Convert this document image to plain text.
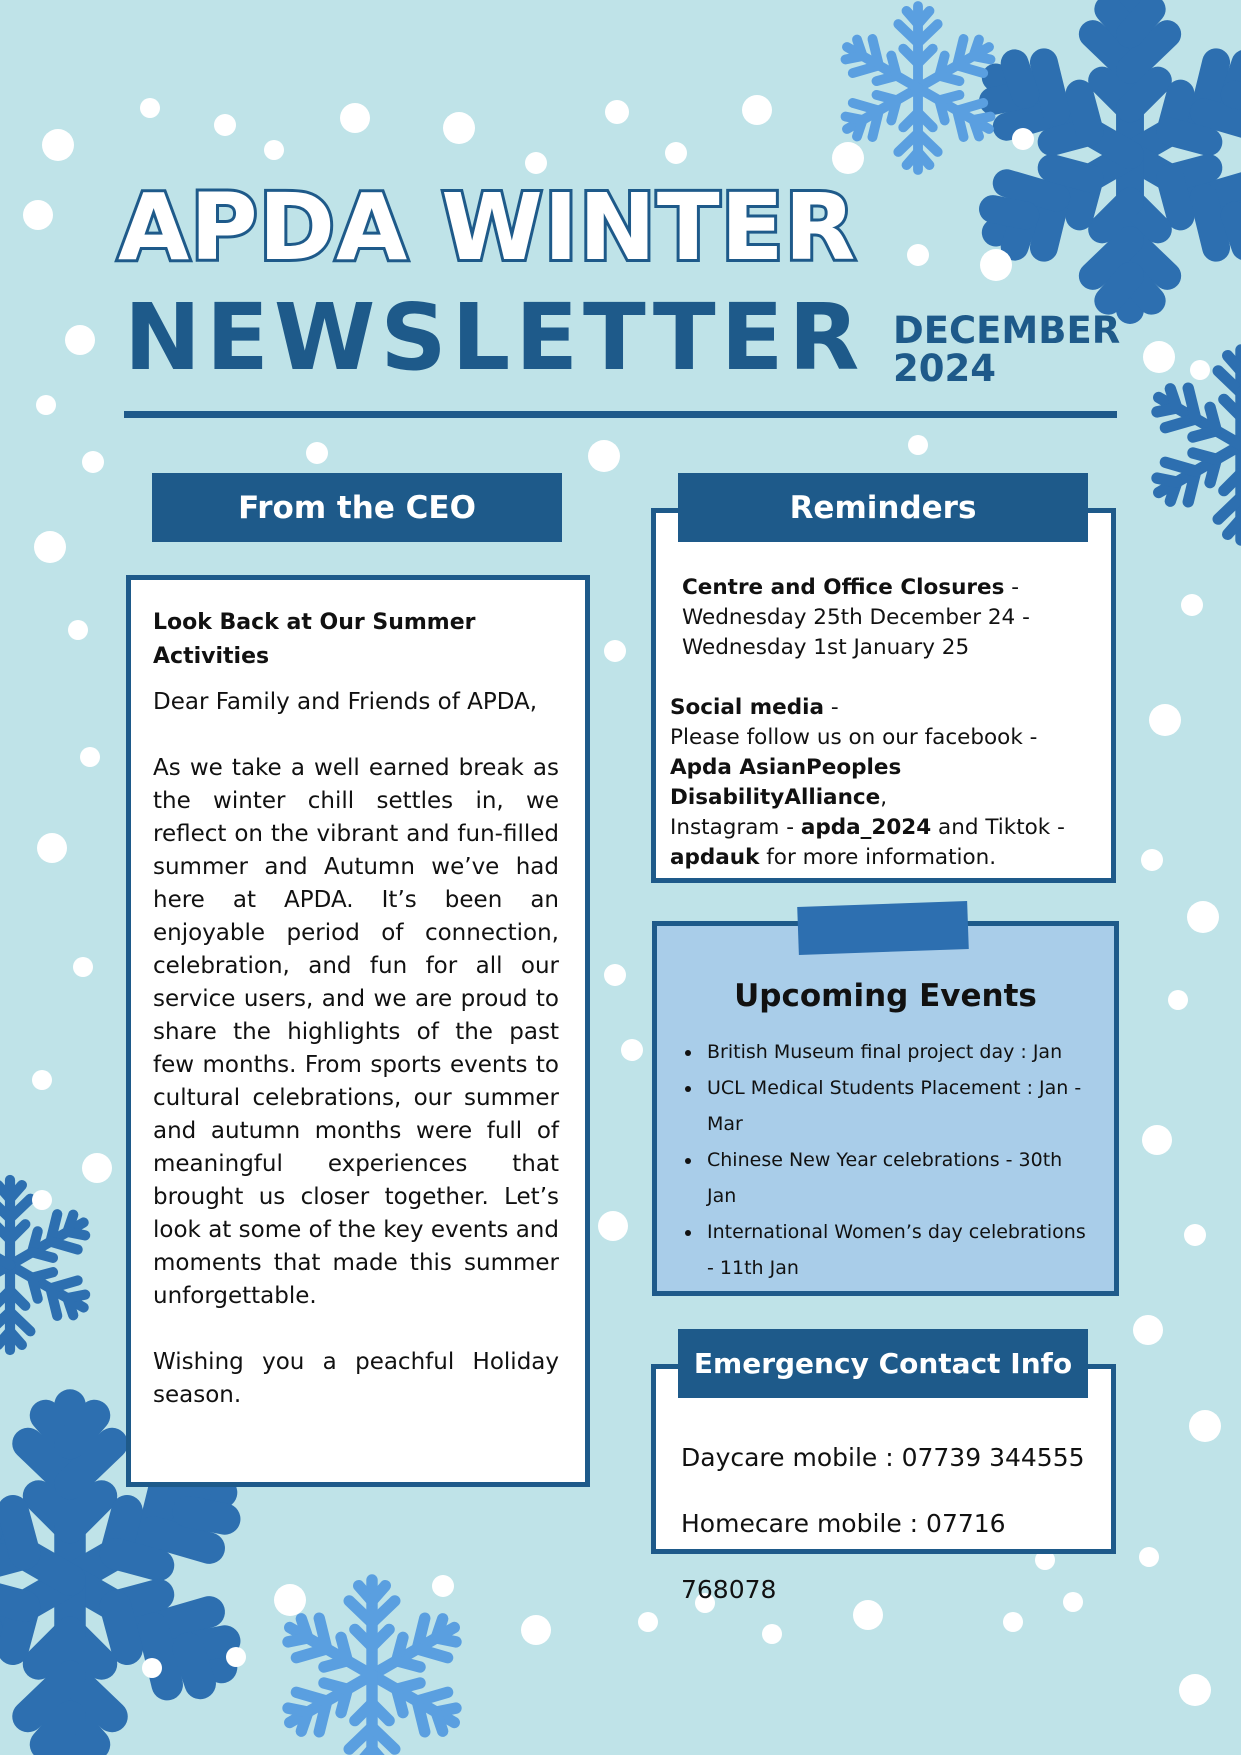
APDA WINTER
NEWSLETTER DECEMBER
2024
From the CEO
Look Back at Our Summer
Activities

Dear Family and Friends of APDA,

As we take a well earned break as the winter chill settles in, we reflect on the vibrant and fun-filled summer and Autumn we’ve had here at APDA. It’s been an enjoyable period of connection, celebration, and fun for all our service users, and we are proud to share the highlights of the past few months. From sports events to cultural celebrations, our summer and autumn months were full of meaningful experiences that brought us closer together. Let’s look at some of the key events and moments that made this summer unforgettable.

Wishing you a peachful Holiday season.

Centre and Office Closures -
Wednesday 25th December 24 -
Wednesday 1st January 25
Social media -
Please follow us on our facebook -
Apda AsianPeoples DisabilityAlliance,
Instagram - apda_2024 and Tiktok -
apdauk for more information.
Reminders
Upcoming Events
• British Museum final project day : Jan
• UCL Medical Students Placement : Jan - Mar
• Chinese New Year celebrations - 30th Jan
• International Women’s day celebrations - 11th Jan
Daycare mobile : 07739 344555
Homecare mobile : 07716 768078
Emergency Contact Info
